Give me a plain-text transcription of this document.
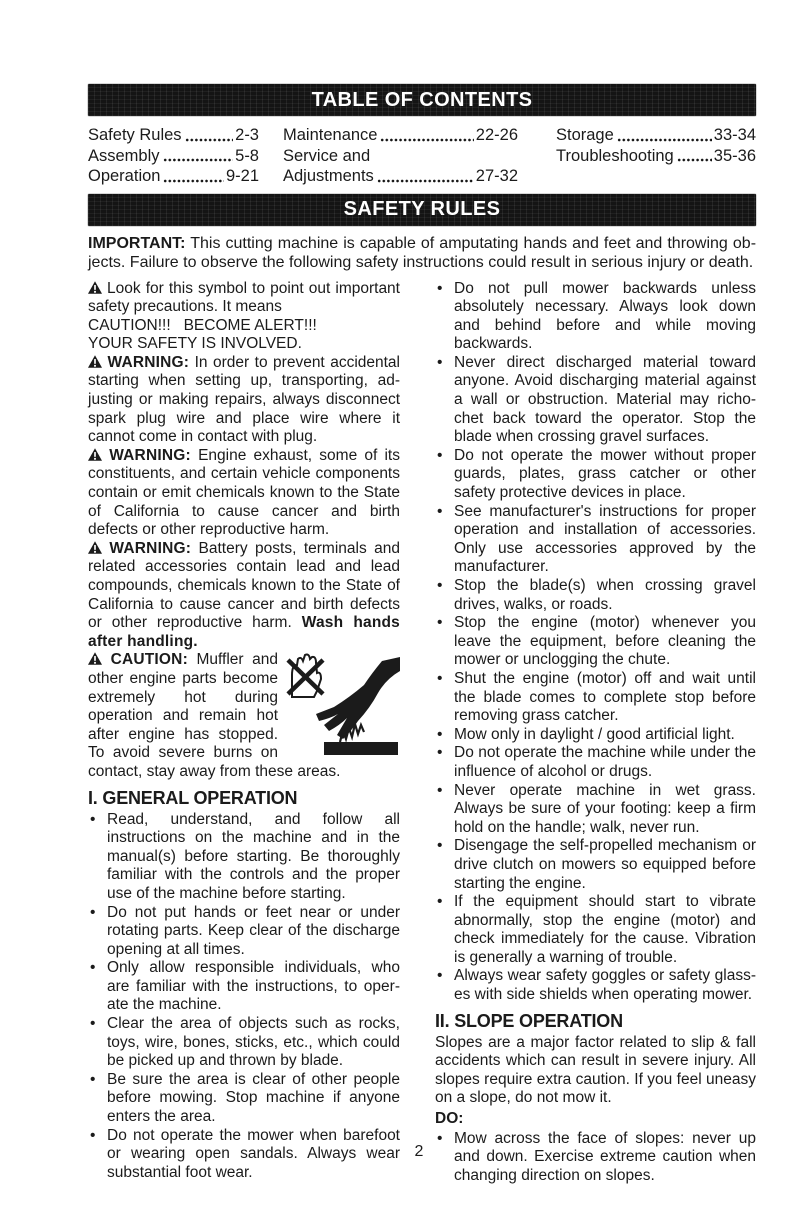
TABLE OF CONTENTS
Safety Rules	2-3
Assembly	5-8
Operation	9-21
Maintenance	22-26
Service and
Adjustments	27-32
Storage	33-34
Troubleshooting 35-36
SAFETY RULES

IMPORTANT: This cutting machine is capable of amputating hands and feet and throwing objects. Failure to observe the following safety instructions could result in serious injury or death.

Look for this symbol to point out important safety precautions. It means

CAUTION!!!   BECOME ALERT!!!

YOUR SAFETY IS INVOLVED.

WARNING: In order to prevent accidental starting when setting up, transporting, adjusting or making repairs, always disconnect spark plug wire and place wire where it cannot come in contact with plug.

WARNING: Engine exhaust, some of its constituents, and certain vehicle components contain or emit chemicals known to the State of California to cause cancer and birth defects or other reproductive harm.

WARNING: Battery posts, terminals and related accessories contain lead and lead compounds, chemicals known to the State of California to cause cancer and birth defects or other reproductive harm. Wash hands after handling.

CAUTION: Muffler and other engine parts become extremely hot during operation and remain hot after engine has stopped. To avoid severe burns on contact, stay away from these areas.

I. GENERAL OPERATION
• Read, understand, and follow all instructions on the machine and in the manual(s) before starting. Be thoroughly familiar with the controls and the proper use of the machine before starting.
• Do not put hands or feet near or under rotating parts. Keep clear of the discharge opening at all times.
• Only allow responsible individuals, who are familiar with the instructions, to operate the machine.
• Clear the area of objects such as rocks, toys, wire, bones, sticks, etc., which could be picked up and thrown by blade.
• Be sure the area is clear of other people before mowing. Stop machine if anyone enters the area.
• Do not operate the mower when barefoot or wearing open sandals. Always wear substantial foot wear.
• Do not pull mower backwards unless absolutely necessary. Always look down and behind before and while moving backwards.
• Never direct discharged material toward anyone. Avoid discharging material against a wall or obstruction. Material may richochet back toward the operator. Stop the blade when crossing gravel surfaces.
• Do not operate the mower without proper guards, plates, grass catcher or other safety protective devices in place.
• See manufacturer's instructions for proper operation and installation of accessories. Only use accessories approved by the manufacturer.
• Stop the blade(s) when crossing gravel drives, walks, or roads.
• Stop the engine (motor) whenever you leave the equipment, before cleaning the mower or unclogging the chute.
• Shut the engine (motor) off and wait until the blade comes to complete stop before removing grass catcher.
• Mow only in daylight / good artificial light.
• Do not operate the machine while under the influence of alcohol or drugs.
• Never operate machine in wet grass. Always be sure of your footing: keep a firm hold on the handle; walk, never run.
• Disengage the self-propelled mechanism or drive clutch on mowers so equipped before starting the engine.
• If the equipment should start to vibrate abnormally, stop the engine (motor) and check immediately for the cause. Vibration is generally a warning of trouble.
• Always wear safety goggles or safety glasses with side shields when operating mower.
II. SLOPE OPERATION

Slopes are a major factor related to slip & fall accidents which can result in severe injury. All slopes require extra caution. If you feel uneasy on a slope, do not mow it.

DO:

• Mow across the face of slopes: never up and down. Exercise extreme caution when changing direction on slopes.
2
